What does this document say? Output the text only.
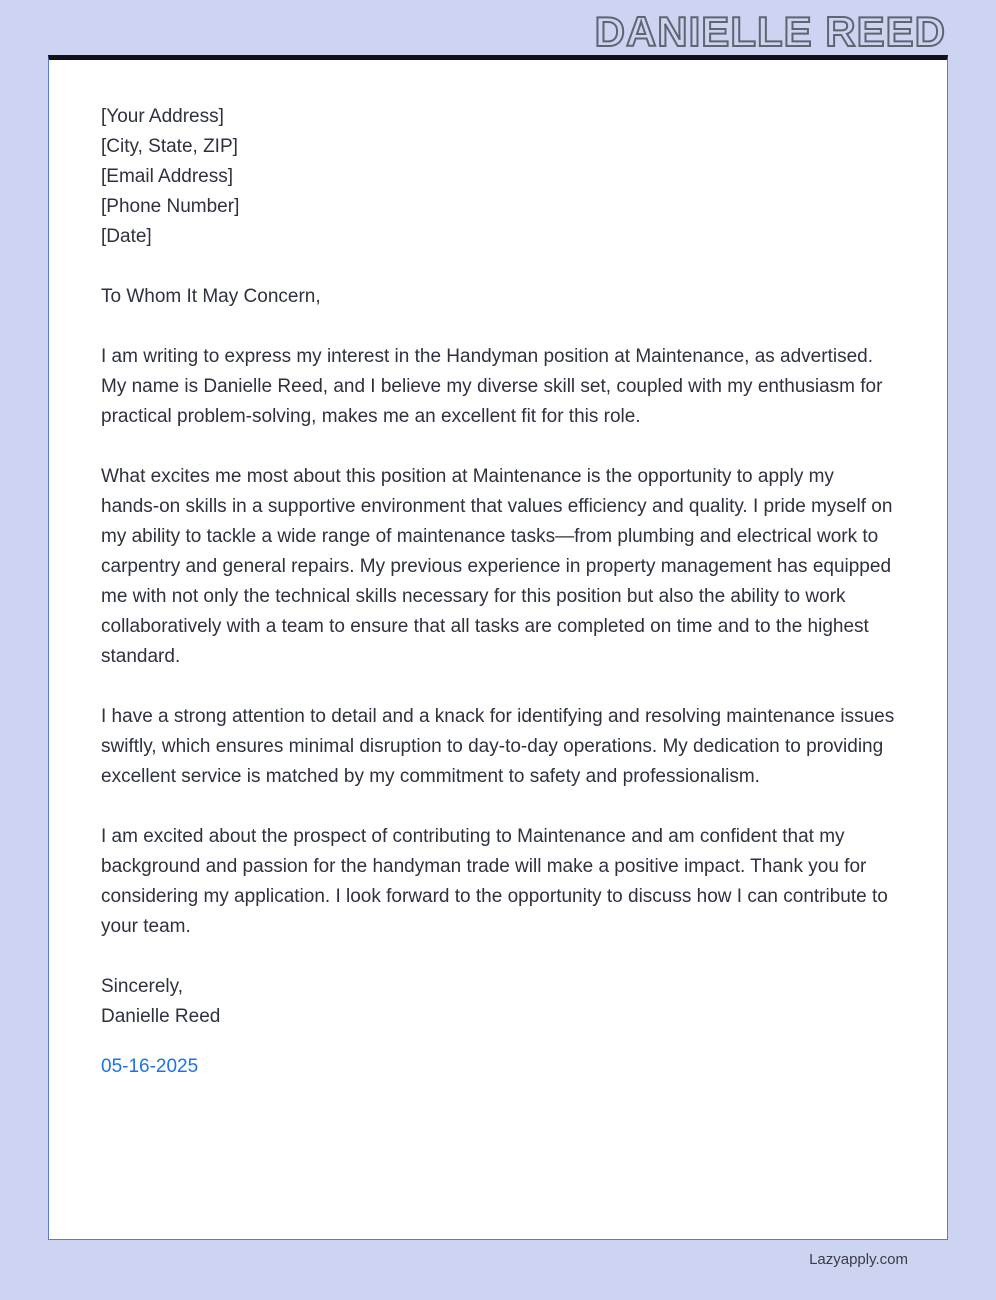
DANIELLE REED
[Your Address]
[City, State, ZIP]
[Email Address]
[Phone Number]
[Date]
To Whom It May Concern,

I am writing to express my interest in the Handyman position at Maintenance, as advertised. My name is Danielle Reed, and I believe my diverse skill set, coupled with my enthusiasm for practical problem-solving, makes me an excellent fit for this role.

What excites me most about this position at Maintenance is the opportunity to apply my hands-on skills in a supportive environment that values efficiency and quality. I pride myself on my ability to tackle a wide range of maintenance tasks—from plumbing and electrical work to carpentry and general repairs. My previous experience in property management has equipped me with not only the technical skills necessary for this position but also the ability to work collaboratively with a team to ensure that all tasks are completed on time and to the highest standard.

I have a strong attention to detail and a knack for identifying and resolving maintenance issues swiftly, which ensures minimal disruption to day-to-day operations. My dedication to providing excellent service is matched by my commitment to safety and professionalism.

I am excited about the prospect of contributing to Maintenance and am confident that my background and passion for the handyman trade will make a positive impact. Thank you for considering my application. I look forward to the opportunity to discuss how I can contribute to your team.

Sincerely,
Danielle Reed
05-16-2025
Lazyapply.com
